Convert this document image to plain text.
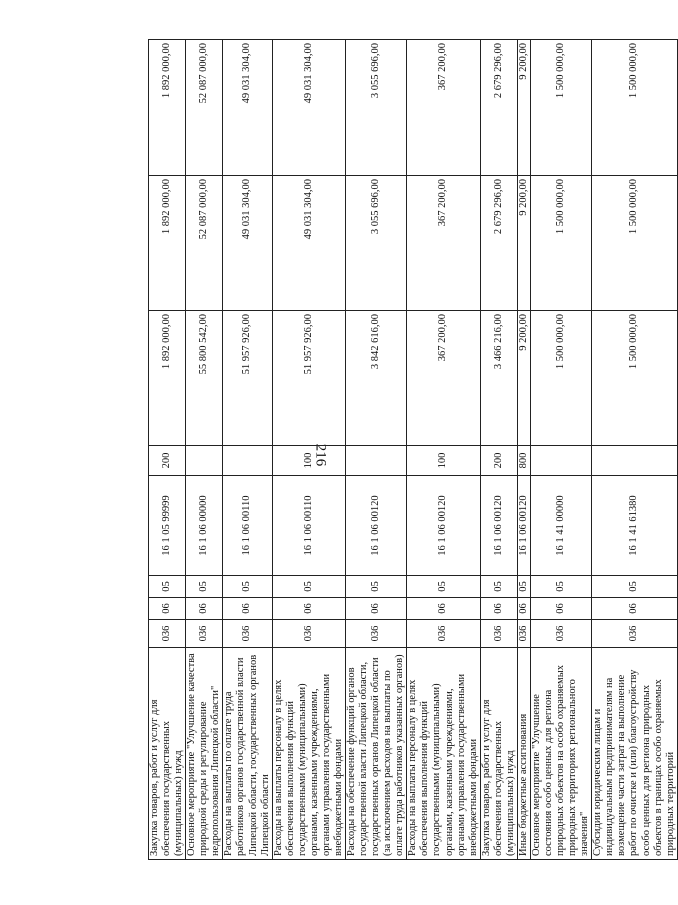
216
Закупка товаров, работ и услуг для обеспечения государственных (муниципальных) нужд	036	06	05	16 1 05 99999	200	1 892 000,00	1 892 000,00	1 892 000,00
Основное мероприятие "Улучшение качества природной среды и регулирование недропользования Липецкой области"	036	06	05	16 1 06 00000		55 800 542,00	52 087 000,00	52 087 000,00
Расходы на выплаты по оплате труда работников органов государственной власти Липецкой области, государственных органов Липецкой области	036	06	05	16 1 06 00110		51 957 926,00	49 031 304,00	49 031 304,00
Расходы на выплаты персоналу в целях обеспечения выполнения функций государственными (муниципальными) органами, казенными учреждениями, органами управления государственными внебюджетными фондами	036	06	05	16 1 06 00110	100	51 957 926,00	49 031 304,00	49 031 304,00
Расходы на обеспечение функций органов государственной власти Липецкой области, государственных органов Липецкой области (за исключением расходов на выплаты по оплате труда работников указанных органов)	036	06	05	16 1 06 00120		3 842 616,00	3 055 696,00	3 055 696,00
Расходы на выплаты персоналу в целях обеспечения выполнения функций государственными (муниципальными) органами, казенными учреждениями, органами управления государственными внебюджетными фондами	036	06	05	16 1 06 00120	100	367 200,00	367 200,00	367 200,00
Закупка товаров, работ и услуг для обеспечения государственных (муниципальных) нужд	036	06	05	16 1 06 00120	200	3 466 216,00	2 679 296,00	2 679 296,00
Иные бюджетные ассигнования	036	06	05	16 1 06 00120	800	9 200,00	9 200,00	9 200,00
Основное мероприятие "Улучшение состояния особо ценных для региона природных объектов на особо охраняемых природных территориях регионального значения"	036	06	05	16 1 41 00000		1 500 000,00	1 500 000,00	1 500 000,00
Субсидии юридическим лицам и индивидуальным предпринимателям на возмещение части затрат на выполнение работ по очистке и (или) благоустройству особо ценных для региона природных объектов в границах особо охраняемых природных территорий	036	06	05	16 1 41 61380		1 500 000,00	1 500 000,00	1 500 000,00
